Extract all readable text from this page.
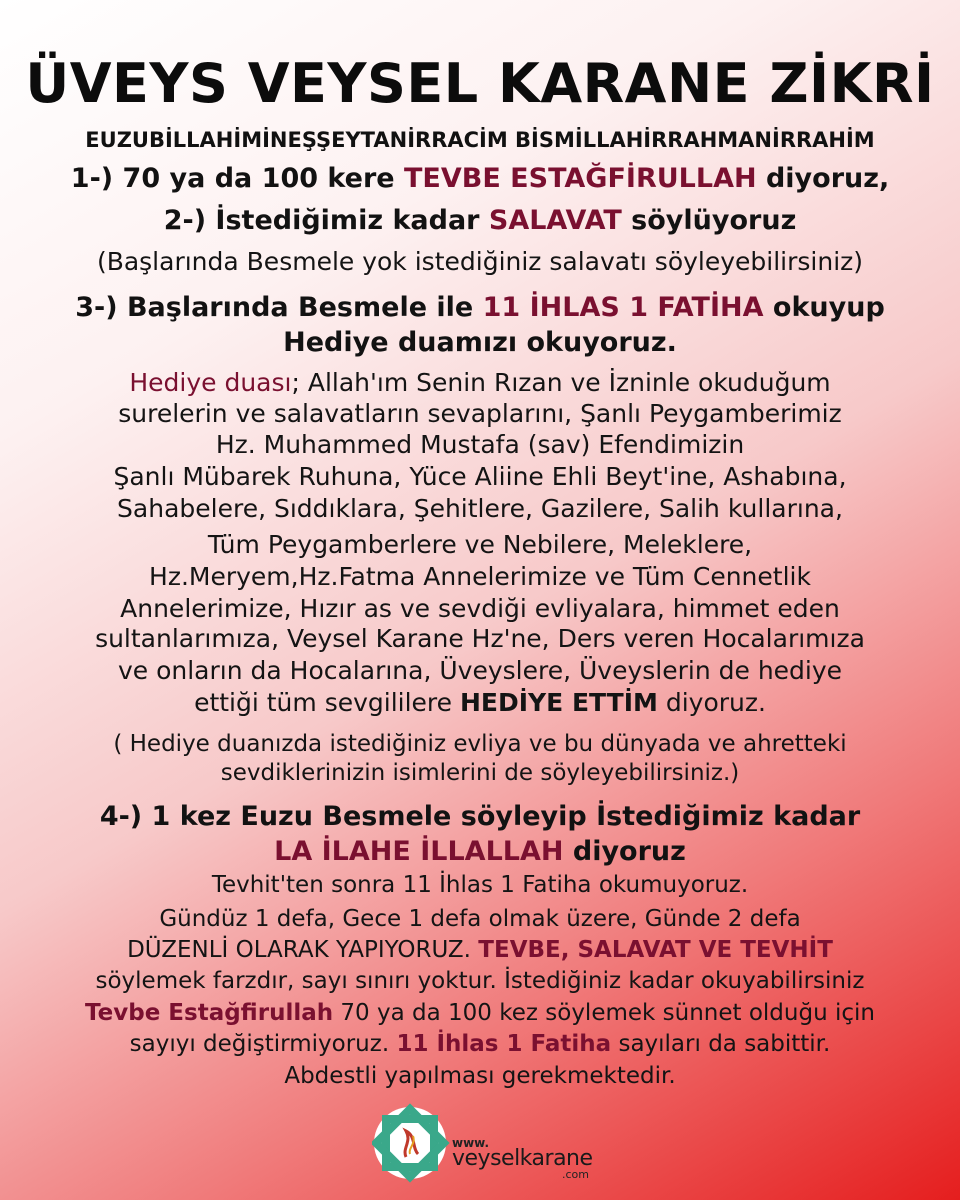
ÜVEYS VEYSEL KARANE ZİKRİ
EUZUBİLLAHİMİNEŞŞEYTANİRRACİM BİSMİLLAHİRRAHMANİRRAHİM
1-) 70 ya da 100 kere TEVBE ESTAĞFİRULLAH diyoruz,
2-) İstediğimiz kadar SALAVAT söylüyoruz
(Başlarında Besmele yok istediğiniz salavatı söyleyebilirsiniz)
3-) Başlarında Besmele ile 11 İHLAS 1 FATİHA okuyup
Hediye duamızı okuyoruz.
Hediye duası; Allah'ım Senin Rızan ve İzninle okuduğum
surelerin ve salavatların sevaplarını, Şanlı Peygamberimiz
Hz. Muhammed Mustafa (sav) Efendimizin
Şanlı Mübarek Ruhuna, Yüce Aliine Ehli Beyt'ine, Ashabına,
Sahabelere, Sıddıklara, Şehitlere, Gazilere, Salih kullarına,
Tüm Peygamberlere ve Nebilere, Meleklere,
Hz.Meryem,Hz.Fatma Annelerimize ve Tüm Cennetlik
Annelerimize, Hızır as ve sevdiği evliyalara, himmet eden
sultanlarımıza, Veysel Karane Hz'ne, Ders veren Hocalarımıza
ve onların da Hocalarına, Üveyslere, Üveyslerin de hediye
ettiği tüm sevgililere HEDİYE ETTİM diyoruz.
( Hediye duanızda istediğiniz evliya ve bu dünyada ve ahretteki
sevdiklerinizin isimlerini de söyleyebilirsiniz.)
4-) 1 kez Euzu Besmele söyleyip İstediğimiz kadar
LA İLAHE İLLALLAH diyoruz
Tevhit'ten sonra 11 İhlas 1 Fatiha okumuyoruz.
Gündüz 1 defa, Gece 1 defa olmak üzere, Günde 2 defa
DÜZENLİ OLARAK YAPIYORUZ. TEVBE, SALAVAT VE TEVHİT
söylemek farzdır, sayı sınırı yoktur. İstediğiniz kadar okuyabilirsiniz
Tevbe Estağfirullah 70 ya da 100 kez söylemek sünnet olduğu için
sayıyı değiştirmiyoruz. 11 İhlas 1 Fatiha sayıları da sabittir.
Abdestli yapılması gerekmektedir.
www.
veyselkarane
.com
